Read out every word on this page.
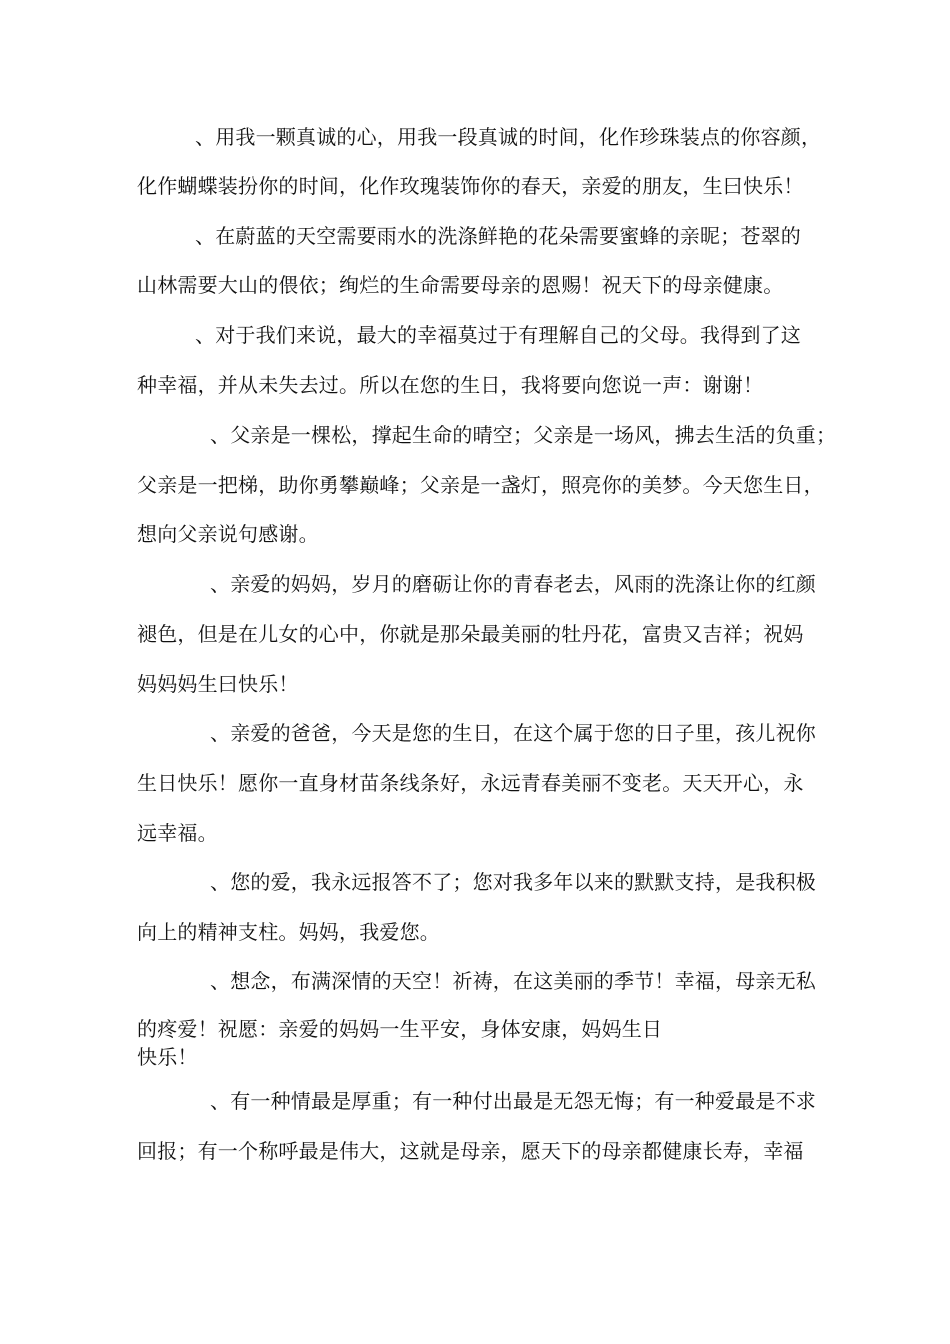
、用我一颗真诚的心，用我一段真诚的时间，化作珍珠装点的你容颜，
化作蝴蝶装扮你的时间，化作玫瑰装饰你的春天，亲爱的朋友，生曰快乐！
、在蔚蓝的天空需要雨水的洗涤鲜艳的花朵需要蜜蜂的亲昵；苍翠的
山林需要大山的偎依；绚烂的生命需要母亲的恩赐！祝天下的母亲健康。
、对于我们来说，最大的幸福莫过于有理解自己的父母。我得到了这
种幸福，并从未失去过。所以在您的生日，我将要向您说一声：谢谢！
、父亲是一棵松，撑起生命的晴空；父亲是一场风，拂去生活的负重；
父亲是一把梯，助你勇攀巅峰；父亲是一盏灯，照亮你的美梦。今天您生日，
想向父亲说句感谢。
、亲爱的妈妈，岁月的磨砺让你的青春老去，风雨的洗涤让你的红颜
褪色，但是在儿女的心中，你就是那朵最美丽的牡丹花，富贵又吉祥；祝妈
妈妈妈生曰快乐！
、亲爱的爸爸，今天是您的生日，在这个属于您的日子里，孩儿祝你
生日快乐！愿你一直身材苗条线条好，永远青春美丽不变老。天天开心，永
远幸福。
、您的爱，我永远报答不了；您对我多年以来的默默支持，是我积极
向上的精神支柱。妈妈，我爱您。
、想念，布满深情的天空！祈祷，在这美丽的季节！幸福，母亲无私
的疼爱！祝愿：亲爱的妈妈一生平安，身体安康，妈妈生日
快乐！
、有一种情最是厚重；有一种付出最是无怨无悔；有一种爱最是不求
回报；有一个称呼最是伟大，这就是母亲，愿天下的母亲都健康长寿，幸福
